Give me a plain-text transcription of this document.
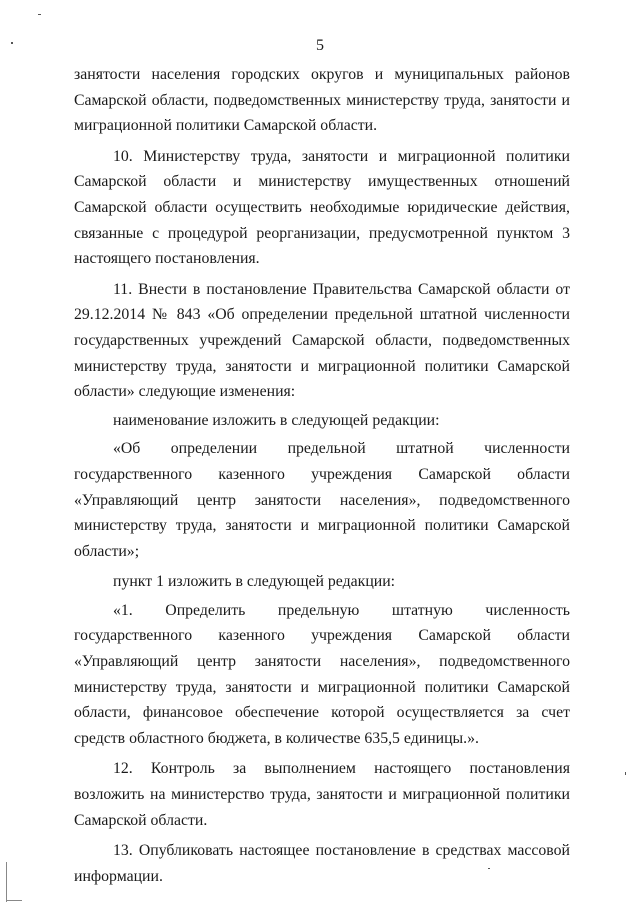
5

занятости населения городских округов и муниципальных районов Самарской области, подведомственных министерству труда, занятости и миграционной политики Самарской области.

10. Министерству труда, занятости и миграционной политики Самарской области и министерству имущественных отношений Самарской области осуществить необходимые юридические действия, связанные с процедурой реорганизации, предусмотренной пунктом 3 настоящего постановления.

11. Внести в постановление Правительства Самарской области от 29.12.2014 № 843 «Об определении предельной штатной численности государственных учреждений Самарской области, подведомственных министерству труда, занятости и миграционной политики Самарской области» следующие изменения:

наименование изложить в следующей редакции:

«Об определении предельной штатной численности государственного казенного учреждения Самарской области «Управляющий центр занятости населения», подведомственного министерству труда, занятости и миграционной политики Самарской области»;

пункт 1 изложить в следующей редакции:

«1. Определить предельную штатную численность государственного казенного учреждения Самарской области «Управляющий центр занятости населения», подведомственного министерству труда, занятости и миграционной политики Самарской области, финансовое обеспечение которой осуществляется за счет средств областного бюджета, в количестве 635,5 единицы.».

12. Контроль за выполнением настоящего постановления возложить на министерство труда, занятости и миграционной политики Самарской области.

13. Опубликовать настоящее постановление в средствах массовой информации.
